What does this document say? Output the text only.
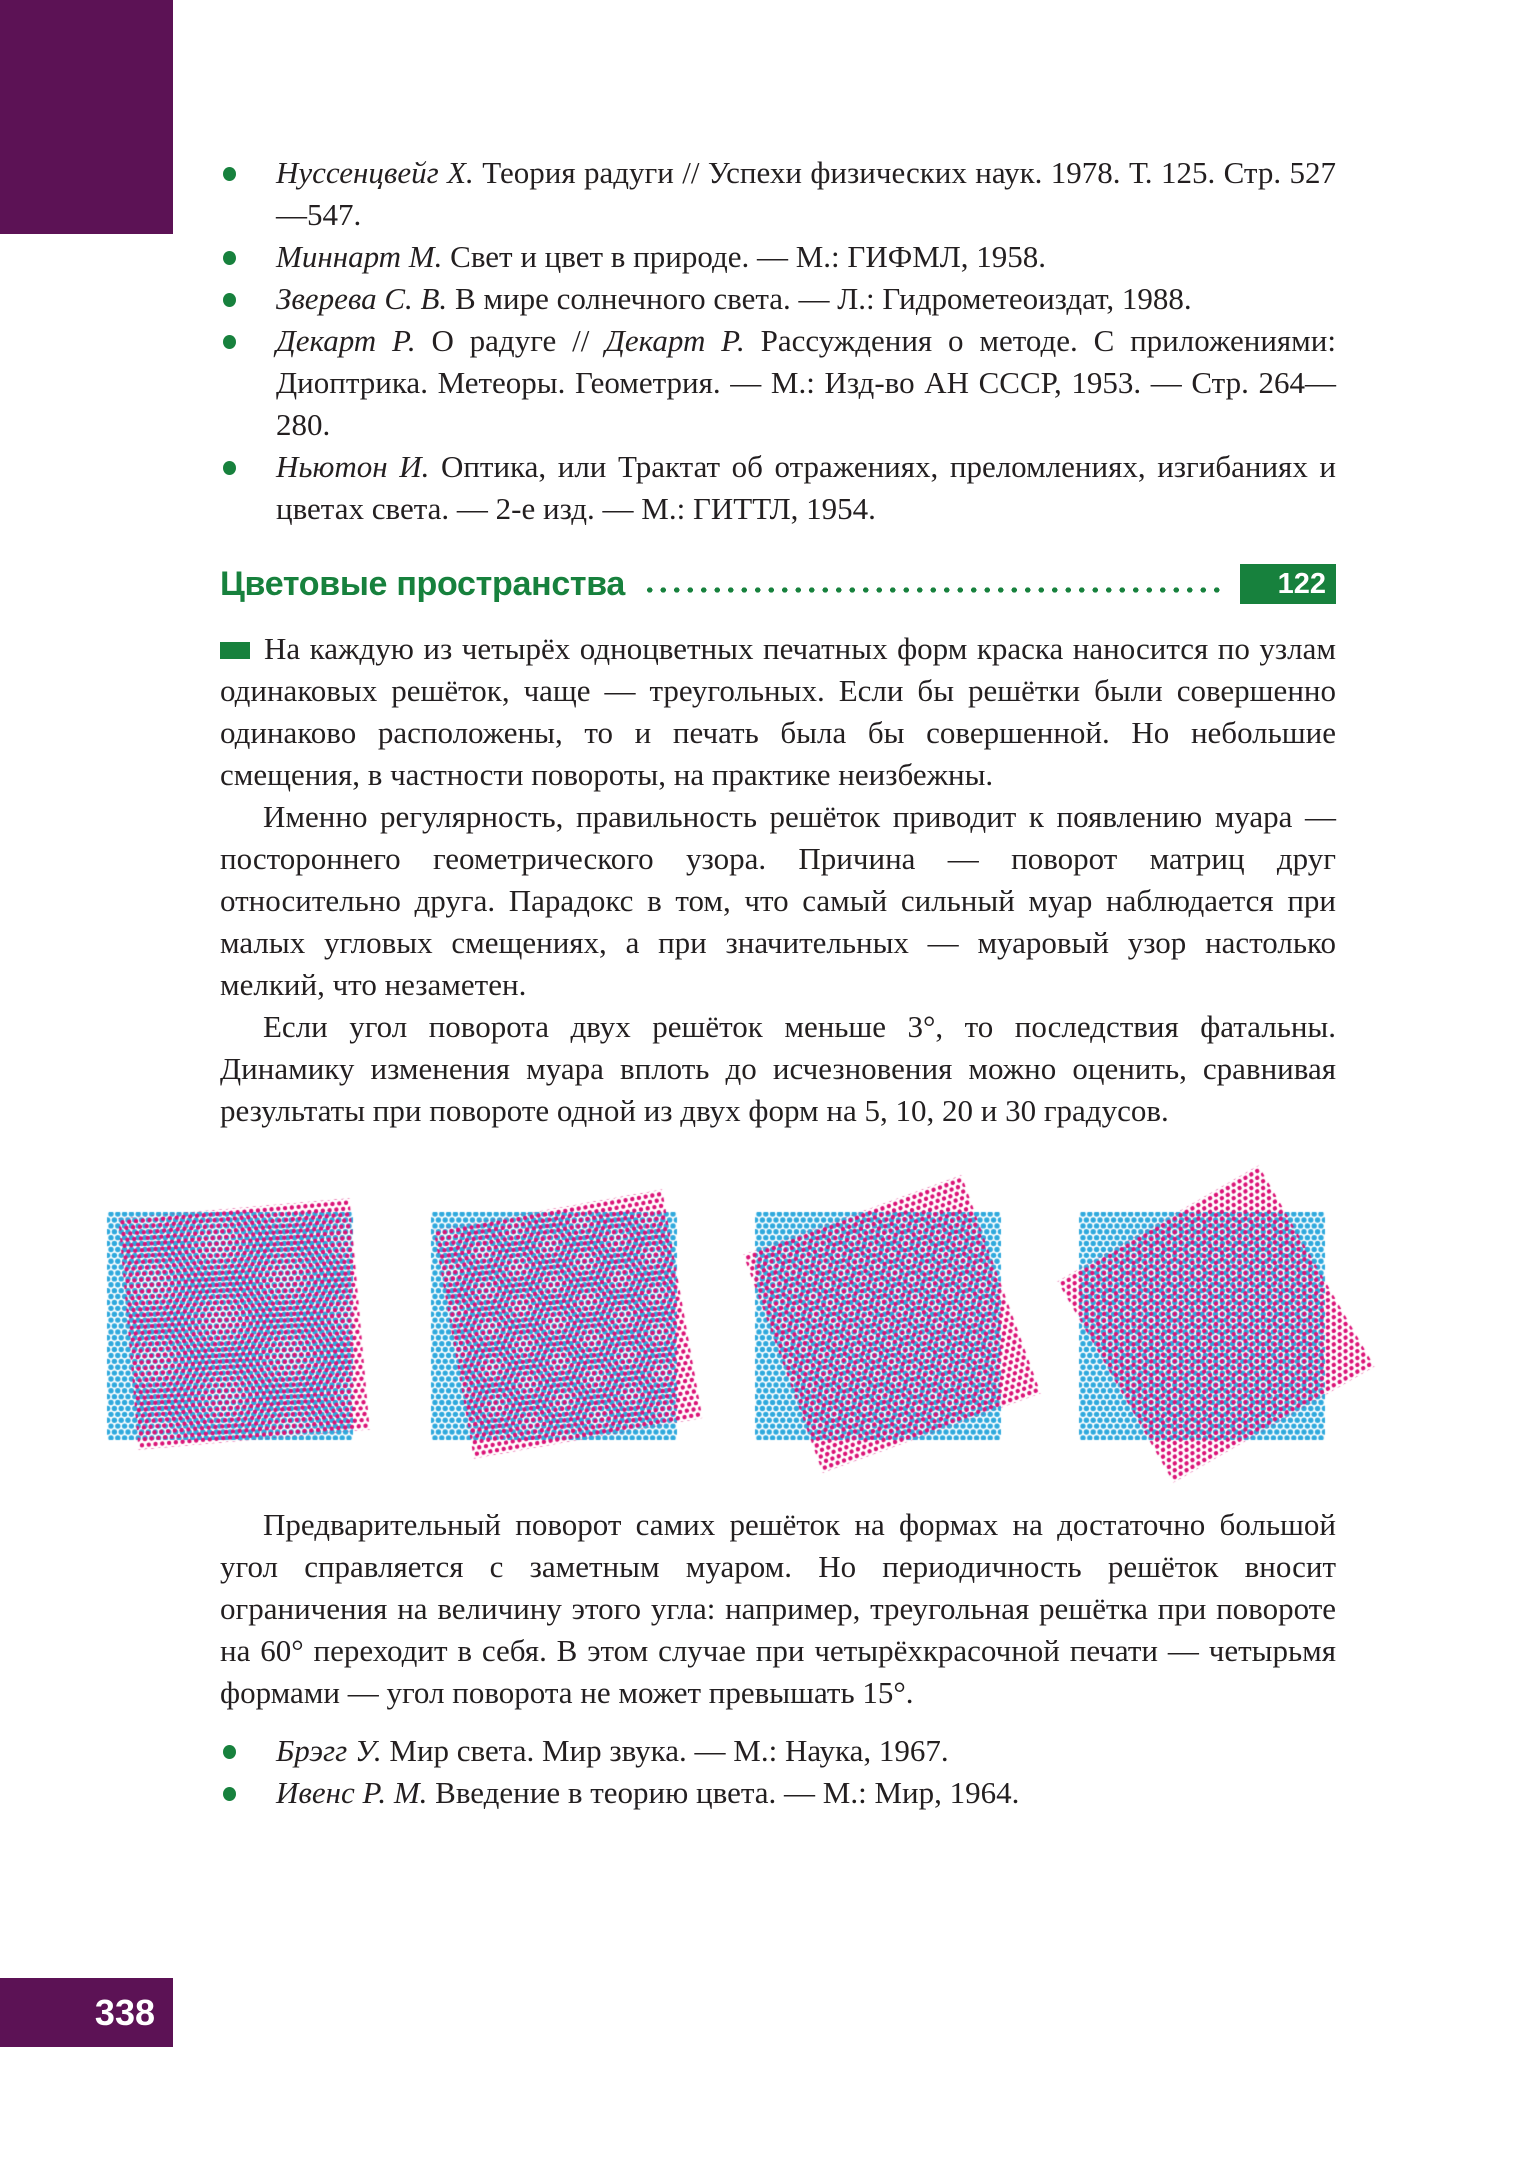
Нуссенцвейг Х. Теория радуги // Успехи физических наук. 1978. Т. 125. Стр. 527—547.
Миннарт М. Свет и цвет в природе. — М.: ГИФМЛ, 1958.
Зверева С. В. В мире солнечного света. — Л.: Гидрометеоиздат, 1988.
Декарт Р. О радуге // Декарт Р. Рассуждения о методе. С приложениями: Диоптрика. Метеоры. Геометрия. — М.: Изд-во АН СССР, 1953. — Стр. 264—280.
Ньютон И. Оптика, или Трактат об отражениях, преломлениях, изгибаниях и цветах света. — 2-е изд. — М.: ГИТТЛ, 1954.
Цветовые пространства	122

На каждую из четырёх одноцветных печатных форм краска наносится по узлам одинаковых решёток, чаще — треугольных. Если бы решётки были совершенно одинаково расположены, то и печать была бы совершенной. Но небольшие смещения, в частности повороты, на практике неизбежны.

Именно регулярность, правильность решёток приводит к появлению муара — постороннего геометрического узора. Причина — поворот матриц друг относительно друга. Парадокс в том, что самый сильный муар наблюдается при малых угловых смещениях, а при значительных — муаровый узор настолько мелкий, что незаметен.

Если угол поворота двух решёток меньше 3°, то последствия фатальны. Динамику изменения муара вплоть до исчезновения можно оценить, сравнивая результаты при повороте одной из двух форм на 5, 10, 20 и 30 градусов.

Предварительный поворот самих решёток на формах на достаточно большой угол справляется с заметным муаром. Но периодичность решёток вносит ограничения на величину этого угла: например, треугольная решётка при повороте на 60° переходит в себя. В этом случае при четырёхкрасочной печати — четырьмя формами — угол поворота не может превышать 15°.

Брэгг У. Мир света. Мир звука. — М.: Наука, 1967.
Ивенс Р. М. Введение в теорию цвета. — М.: Мир, 1964.
338
